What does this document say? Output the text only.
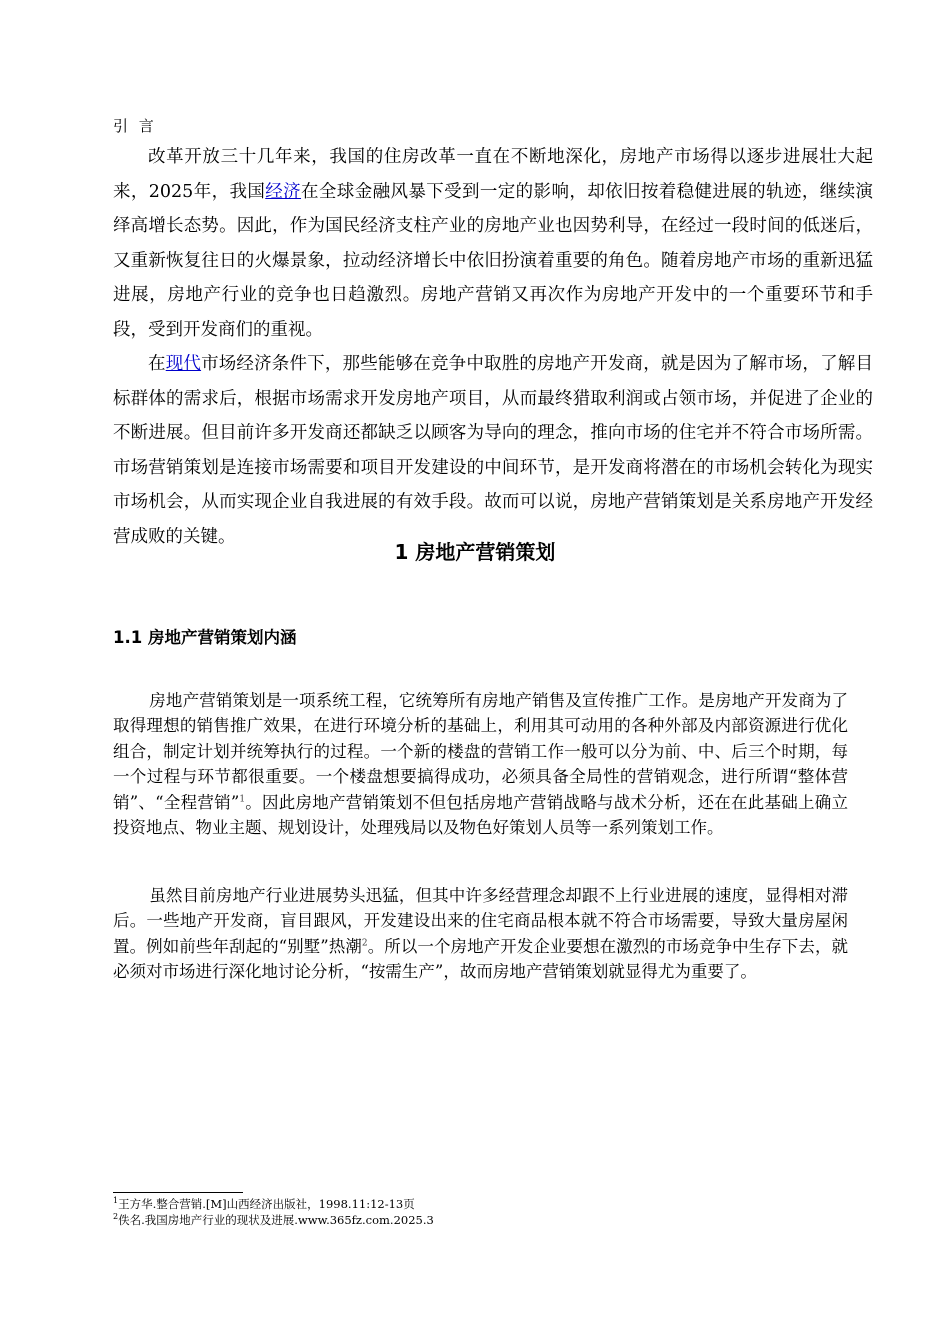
引 言

改革开放三十几年来，我国的住房改革一直在不断地深化，房地产市场得以逐步进展壮大起来，2025年，我国经济在全球金融风暴下受到一定的影响，却依旧按着稳健进展的轨迹，继续演绎高增长态势。因此，作为国民经济支柱产业的房地产业也因势利导，在经过一段时间的低迷后，又重新恢复往日的火爆景象，拉动经济增长中依旧扮演着重要的角色。随着房地产市场的重新迅猛进展，房地产行业的竞争也日趋激烈。房地产营销又再次作为房地产开发中的一个重要环节和手段，受到开发商们的重视。

在现代市场经济条件下，那些能够在竞争中取胜的房地产开发商，就是因为了解市场，了解目标群体的需求后，根据市场需求开发房地产项目，从而最终猎取利润或占领市场，并促进了企业的不断进展。但目前许多开发商还都缺乏以顾客为导向的理念，推向市场的住宅并不符合市场所需。市场营销策划是连接市场需要和项目开发建设的中间环节，是开发商将潜在的市场机会转化为现实市场机会，从而实现企业自我进展的有效手段。故而可以说，房地产营销策划是关系房地产开发经营成败的关键。

1 房地产营销策划
1.1 房地产营销策划内涵

房地产营销策划是一项系统工程，它统筹所有房地产销售及宣传推广工作。是房地产开发商为了取得理想的销售推广效果，在进行环境分析的基础上，利用其可动用的各种外部及内部资源进行优化组合，制定计划并统筹执行的过程。一个新的楼盘的营销工作一般可以分为前、中、后三个时期，每一个过程与环节都很重要。一个楼盘想要搞得成功，必须具备全局性的营销观念，进行所谓“整体营销”、“全程营销”$^1$。因此房地产营销策划不但包括房地产营销战略与战术分析，还在在此基础上确立投资地点、物业主题、规划设计，处理残局以及物色好策划人员等一系列策划工作。

虽然目前房地产行业进展势头迅猛，但其中许多经营理念却跟不上行业进展的速度，显得相对滞后。一些地产开发商，盲目跟风，开发建设出来的住宅商品根本就不符合市场需要，导致大量房屋闲置。例如前些年刮起的“别墅”热潮$^2$。所以一个房地产开发企业要想在激烈的市场竞争中生存下去，就必须对市场进行深化地讨论分析，“按需生产”，故而房地产营销策划就显得尤为重要了。

$^1$王方华.整合营销.[M]山西经济出版社，1998.11:12-13页
$^2$佚名.我国房地产行业的现状及进展.www.365fz.com.2025.3
